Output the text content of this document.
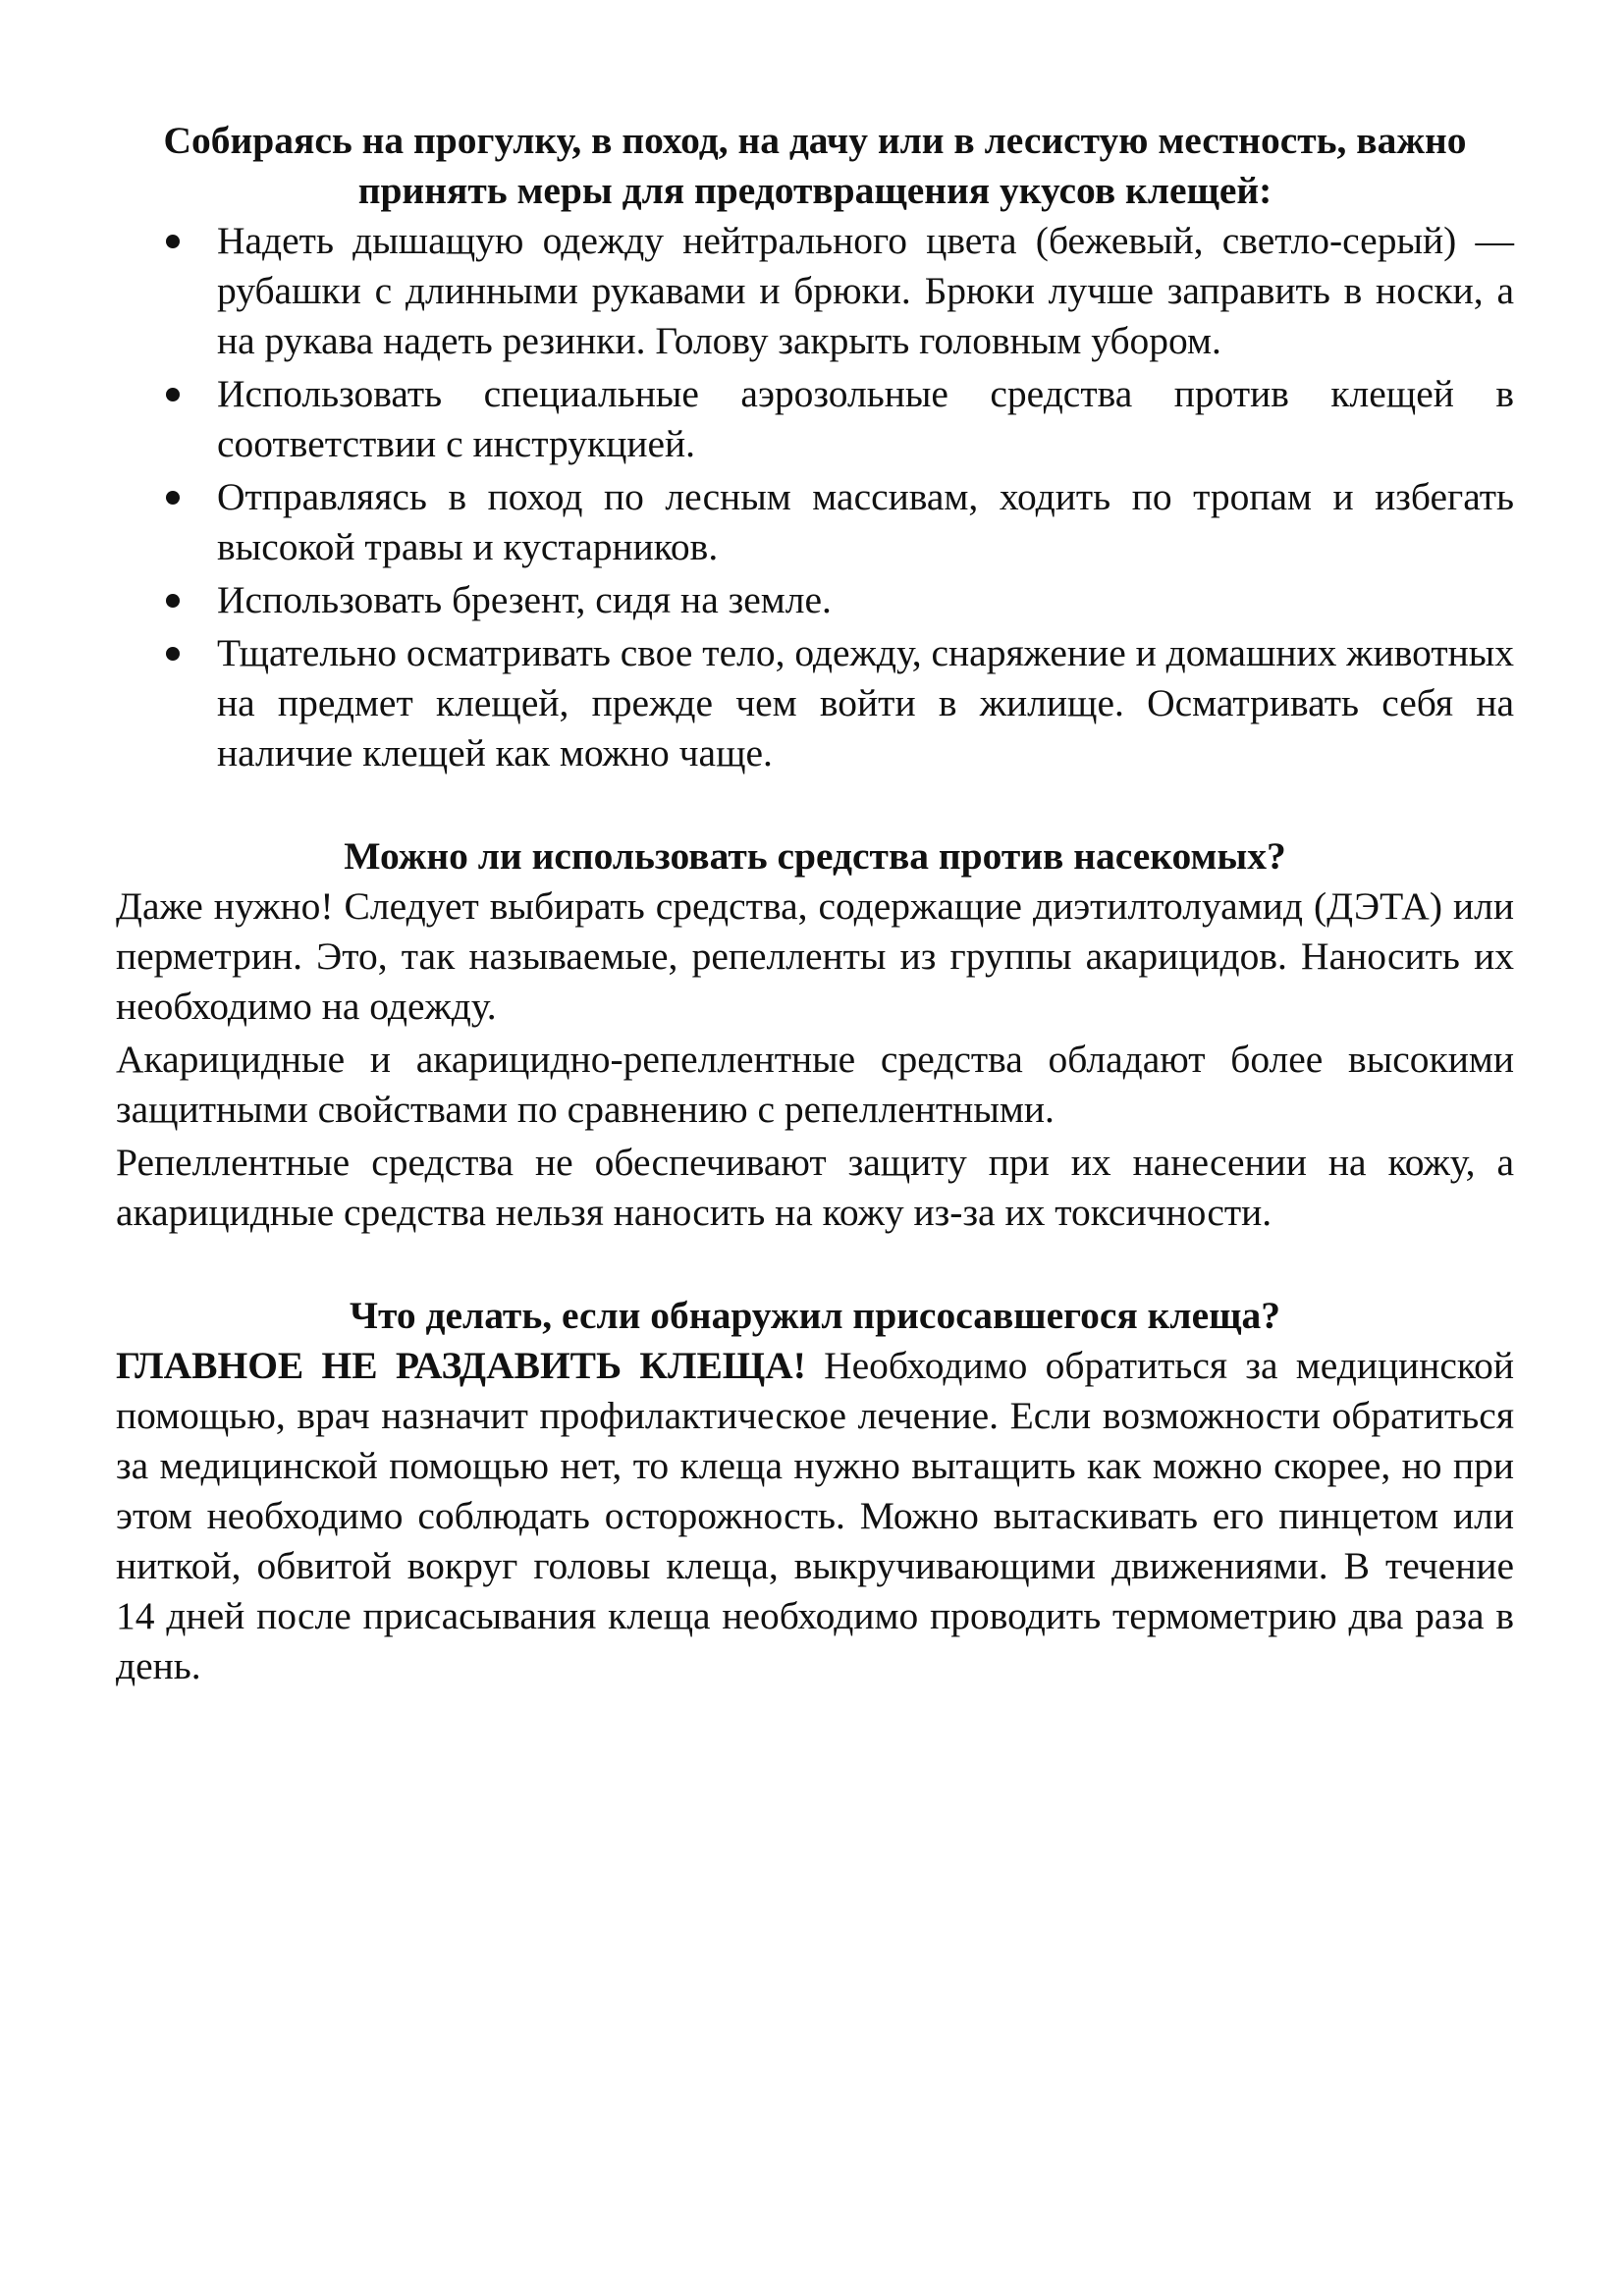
Собираясь на прогулку, в поход, на дачу или в лесистую местность, важно принять меры для предотвращения укусов клещей:

Надеть дышащую одежду нейтрального цвета (бежевый, светло-серый) — рубашки с длинными рукавами и брюки. Брюки лучше заправить в носки, а на рукава надеть резинки. Голову закрыть головным убором.
Использовать специальные аэрозольные средства против клещей в соответствии с инструкцией.
Отправляясь в поход по лесным массивам, ходить по тропам и избегать высокой травы и кустарников.
Использовать брезент, сидя на земле.
Тщательно осматривать свое тело, одежду, снаряжение и домашних животных на предмет клещей, прежде чем войти в жилище. Осматривать себя на наличие клещей как можно чаще.

Можно ли использовать средства против насекомых?

Даже нужно! Следует выбирать средства, содержащие диэтилтолуамид (ДЭТА) или перметрин. Это, так называемые, репелленты из группы акарицидов. Наносить их необходимо на одежду.

Акарицидные и акарицидно-репеллентные средства обладают более высокими защитными свойствами по сравнению с репеллентными.

Репеллентные средства не обеспечивают защиту при их нанесении на кожу, а акарицидные средства нельзя наносить на кожу из-за их токсичности.

Что делать, если обнаружил присосавшегося клеща?

ГЛАВНОЕ НЕ РАЗДАВИТЬ КЛЕЩА! Необходимо обратиться за медицинской помощью, врач назначит профилактическое лечение. Если возможности обратиться за медицинской помощью нет, то клеща нужно вытащить как можно скорее, но при этом необходимо соблюдать осторожность. Можно вытаскивать его пинцетом или ниткой, обвитой вокруг головы клеща, выкручивающими движениями. В течение 14 дней после присасывания клеща необходимо проводить термометрию два раза в день.
